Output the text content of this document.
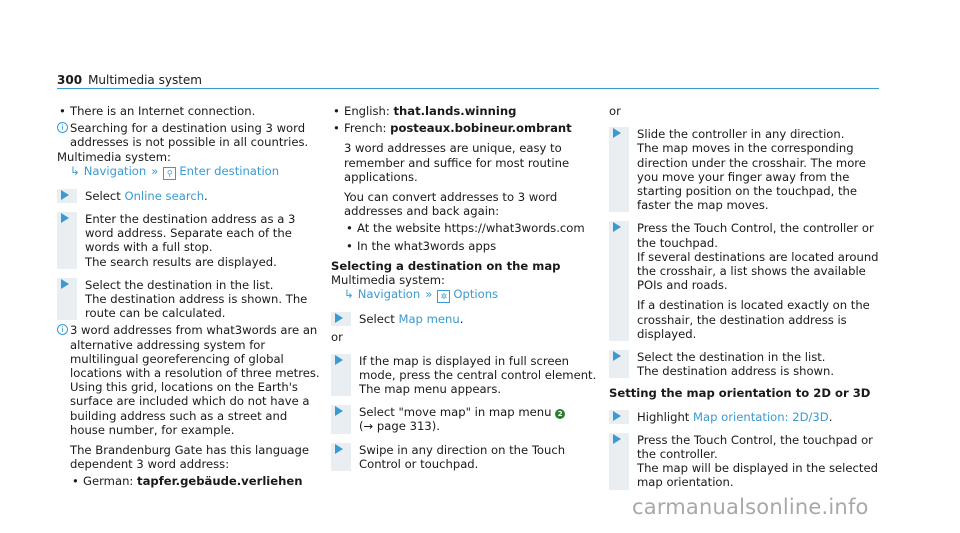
300 Multimedia system

• There is an Internet connection.

i Searching for a destination using 3 word addresses is not possible in all countries.

Multimedia system:

↳ Navigation » ⚲ Enter destination

Select Online search.

Enter the destination address as a 3 word address. Separate each of the words with a full stop.

The search results are displayed.

Select the destination in the list.

The destination address is shown. The route can be calculated.

i 3 word addresses from what3words are an alternative addressing system for multilingual georeferencing of global locations with a resolution of three metres. Using this grid, locations on the Earth's surface are included which do not have a building address such as a street and house number, for example.

The Brandenburg Gate has this language dependent 3 word address:

• German: tapfer.gebäude.verliehen

• English: that.lands.winning

• French: posteaux.bobineur.ombrant

3 word addresses are unique, easy to remember and suffice for most routine applications.

You can convert addresses to 3 word addresses and back again:

• At the website https://what3words.com

• In the what3words apps

Selecting a destination on the map

Multimedia system:

↳ Navigation » ✲ Options

Select Map menu.

or

If the map is displayed in full screen mode, press the central control element.

The map menu appears.

Select "move map" in map menu 2

(→ page 313).

Swipe in any direction on the Touch Control or touchpad.

or

Slide the controller in any direction.

The map moves in the corresponding direction under the crosshair. The more you move your finger away from the starting position on the touchpad, the faster the map moves.

Press the Touch Control, the controller or the touchpad.

If several destinations are located around the crosshair, a list shows the available POIs and roads.

If a destination is located exactly on the crosshair, the destination address is displayed.

Select the destination in the list.

The destination address is shown.

Setting the map orientation to 2D or 3D

Highlight Map orientation: 2D/3D.

Press the Touch Control, the touchpad or the controller.

The map will be displayed in the selected map orientation.

carmanualsonline.info
